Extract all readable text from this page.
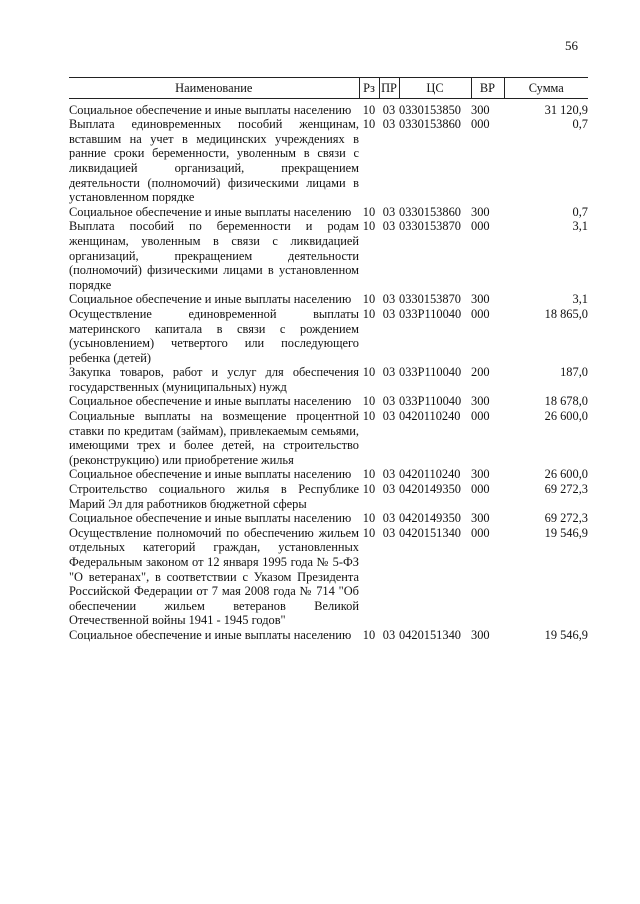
56
Наименование	Рз	ПР	ЦС	ВР	Сумма
Социальное обеспечение и иные выплаты населению	10	03	0330153850	300	31 120,9
Выплата единовременных пособий женщинам, вставшим на учет в медицинских учреждениях в ранние сроки беременности, уволенным в связи с ликвидацией организаций, прекращением деятельности (полномочий) физическими лицами в установленном порядке	10	03	0330153860	000	0,7
Социальное обеспечение и иные выплаты населению	10	03	0330153860	300	0,7
Выплата пособий по беременности и родам женщинам, уволенным в связи с ликвидацией организаций, прекращением деятельности (полномочий) физическими лицами в установленном порядке	10	03	0330153870	000	3,1
Социальное обеспечение и иные выплаты населению	10	03	0330153870	300	3,1
Осуществление единовременной выплаты материнского капитала в связи с рождением (усыновлением) четвертого или последующего ребенка (детей)	10	03	033Р110040	000	18 865,0
Закупка товаров, работ и услуг для обеспечения государственных (муниципальных) нужд	10	03	033Р110040	200	187,0
Социальное обеспечение и иные выплаты населению	10	03	033Р110040	300	18 678,0
Социальные выплаты на возмещение процентной ставки по кредитам (займам), привлекаемым семьями, имеющими трех и более детей, на строительство (реконструкцию) или приобретение жилья	10	03	0420110240	000	26 600,0
Социальное обеспечение и иные выплаты населению	10	03	0420110240	300	26 600,0
Строительство социального жилья в Республике Марий Эл для работников бюджетной сферы	10	03	0420149350	000	69 272,3
Социальное обеспечение и иные выплаты населению	10	03	0420149350	300	69 272,3
Осуществление полномочий по обеспечению жильем отдельных категорий граждан, установленных Федеральным законом от 12 января 1995 года № 5-ФЗ "О ветеранах", в соответствии с Указом Президента Российской Федерации от 7 мая 2008 года № 714 "Об обеспечении жильем ветеранов Великой Отечественной войны 1941 - 1945 годов"	10	03	0420151340	000	19 546,9
Социальное обеспечение и иные выплаты населению	10	03	0420151340	300	19 546,9
